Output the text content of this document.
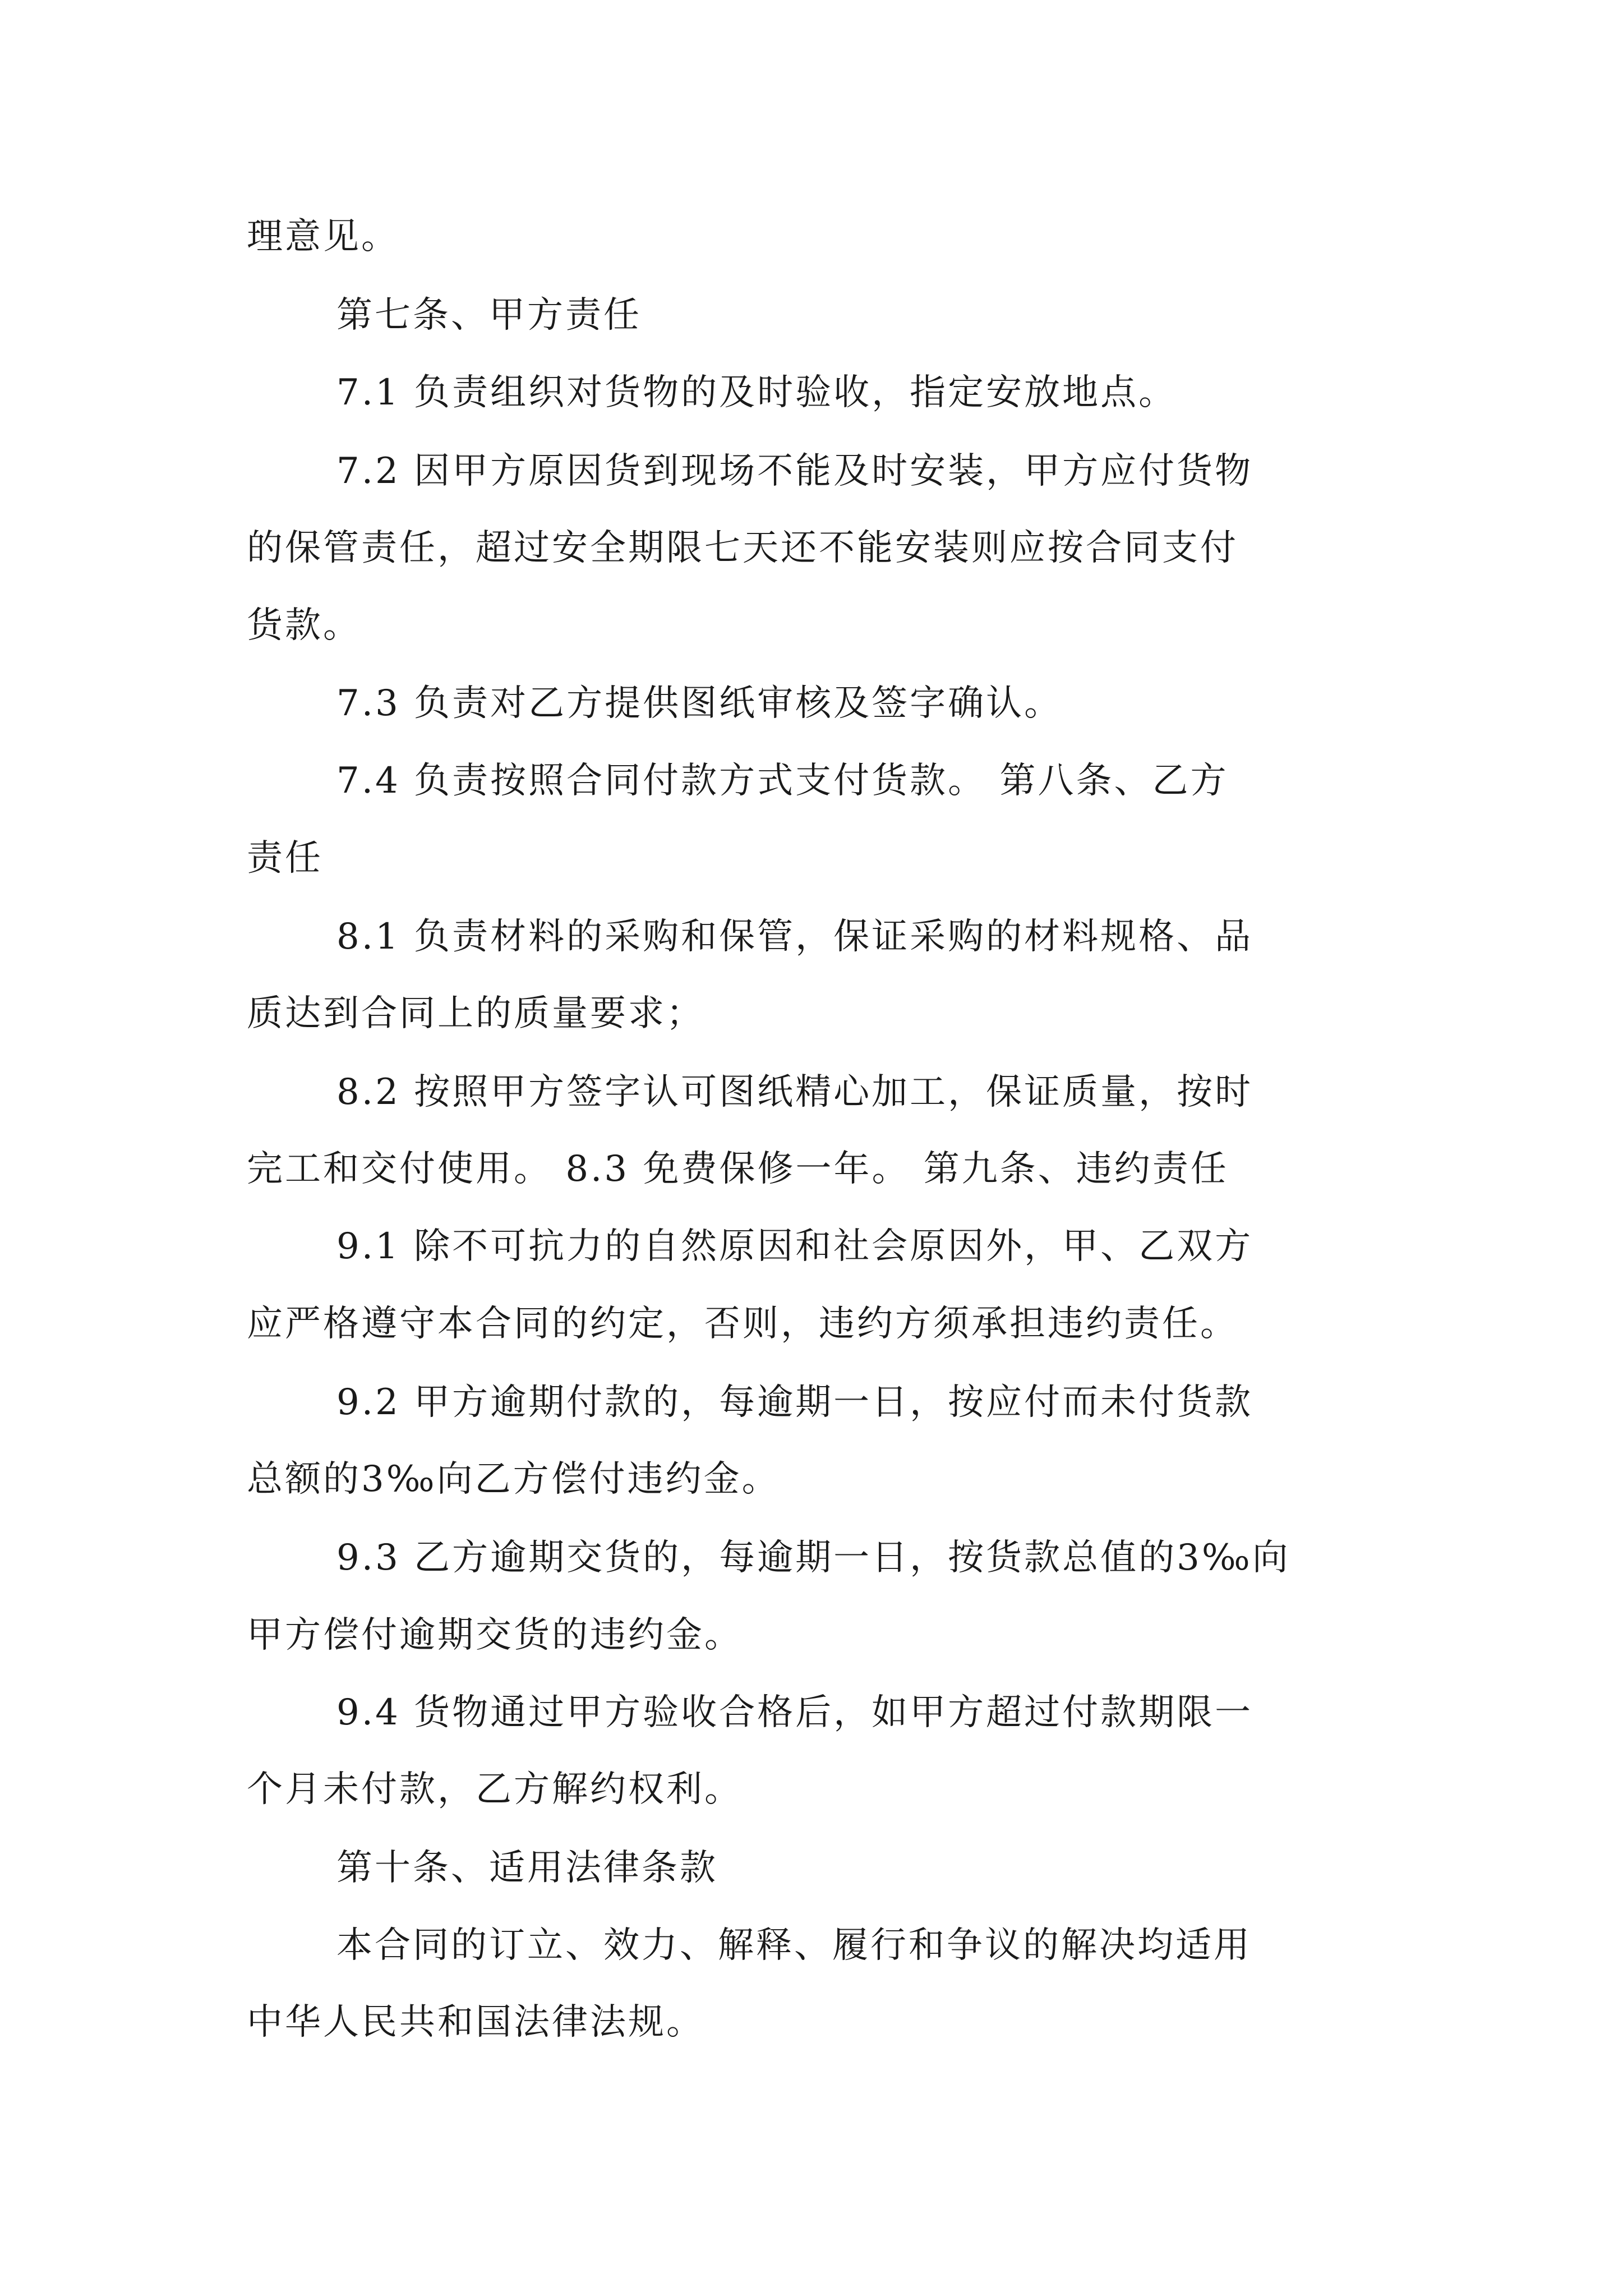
理意见。
第七条、甲方责任
7.1 负责组织对货物的及时验收，指定安放地点。
7.2 因甲方原因货到现场不能及时安装，甲方应付货物
的保管责任，超过安全期限七天还不能安装则应按合同支付
货款。
7.3 负责对乙方提供图纸审核及签字确认。
7.4 负责按照合同付款方式支付货款。 第八条、乙方
责任
8.1 负责材料的采购和保管，保证采购的材料规格、品
质达到合同上的质量要求；
8.2 按照甲方签字认可图纸精心加工，保证质量，按时
完工和交付使用。 8.3 免费保修一年。 第九条、违约责任
9.1 除不可抗力的自然原因和社会原因外，甲、乙双方
应严格遵守本合同的约定，否则，违约方须承担违约责任。
9.2 甲方逾期付款的，每逾期一日，按应付而未付货款
总额的3‰向乙方偿付违约金。
9.3 乙方逾期交货的，每逾期一日，按货款总值的3‰向
甲方偿付逾期交货的违约金。
9.4 货物通过甲方验收合格后，如甲方超过付款期限一
个月未付款，乙方解约权利。
第十条、适用法律条款
本合同的订立、效力、解释、履行和争议的解决均适用
中华人民共和国法律法规。
